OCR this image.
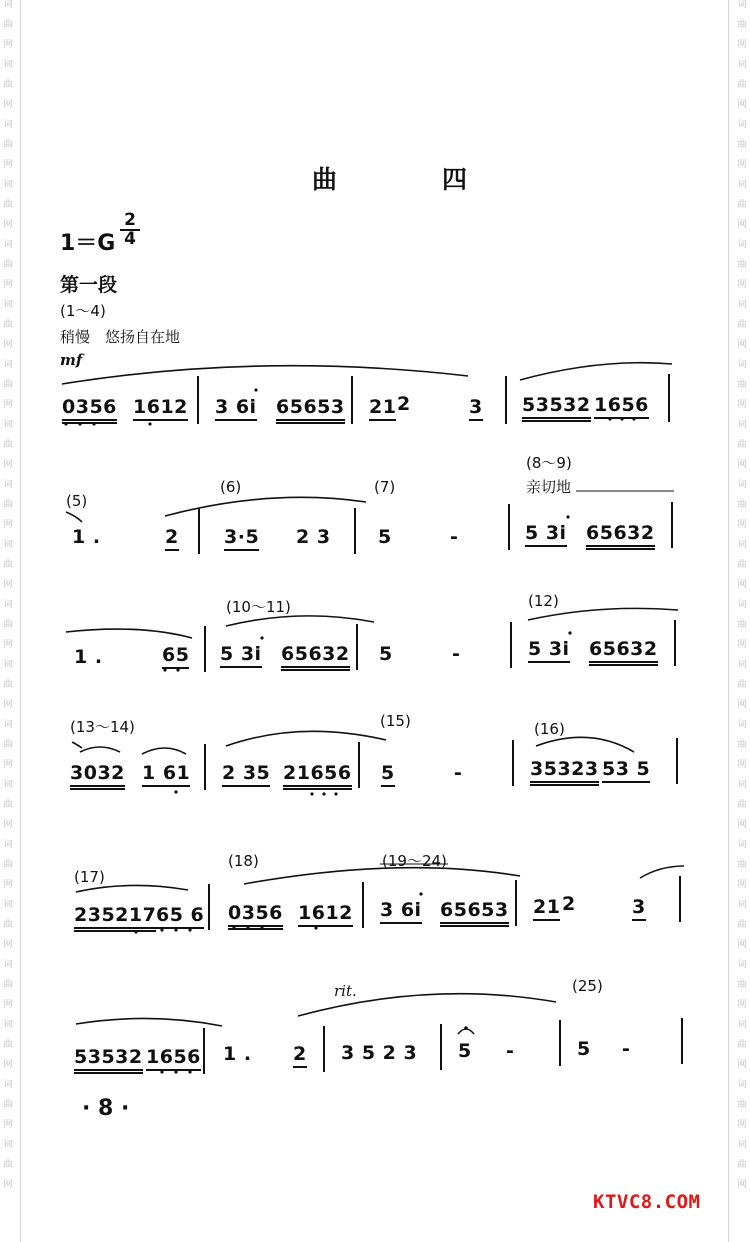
词
曲
网
词
曲
网
词
曲
网
词
曲
网
词
曲
网
词
曲
网
词
曲
网
词
曲
网
词
曲
网
词
曲
网
词
曲
网
词
曲
网
词
曲
网
词
曲
网
词
曲
网
词
曲
网
词
曲
网
词
曲
网
词
曲
网
词
曲
网
词
曲
网
词
曲
网
词
曲
网
词
曲
网
词
曲
网
词
曲
网
词
曲
网
词
曲
网
词
曲
网
词
曲
网
词
曲
网
词
曲
网
词
曲
网
词
曲
网
词
曲
网
词
曲
网
词
曲
网
词
曲
网
词
曲
网
词
曲
网
曲　四
$1=G \frac{2}{4}$
第一段
(1～4)
稍慢　悠扬自在地
mf
(5)
(6)	(7)
(8～9)
亲切地
(10～11)	(12)
(13～14)	(15)	(16)
(17)
(18)	(19～24)
rit.	(25)
0356 1612 3 6i 65653 21 2	3 53532 1656
1 .	2 3·5 2 3 5	-	5 3i 65632
1 .	65 5 3i 65632 5	-	5 3i 65632
3032 1 61 2 35 21656 5	-	35323 53 5
235217 65 6 0356 1612 3 6i 65653 21 2	3
53532 1656 1 . 2 3 5 2 3 5 -	5 -
· 8 ·
KTVC8.COM
